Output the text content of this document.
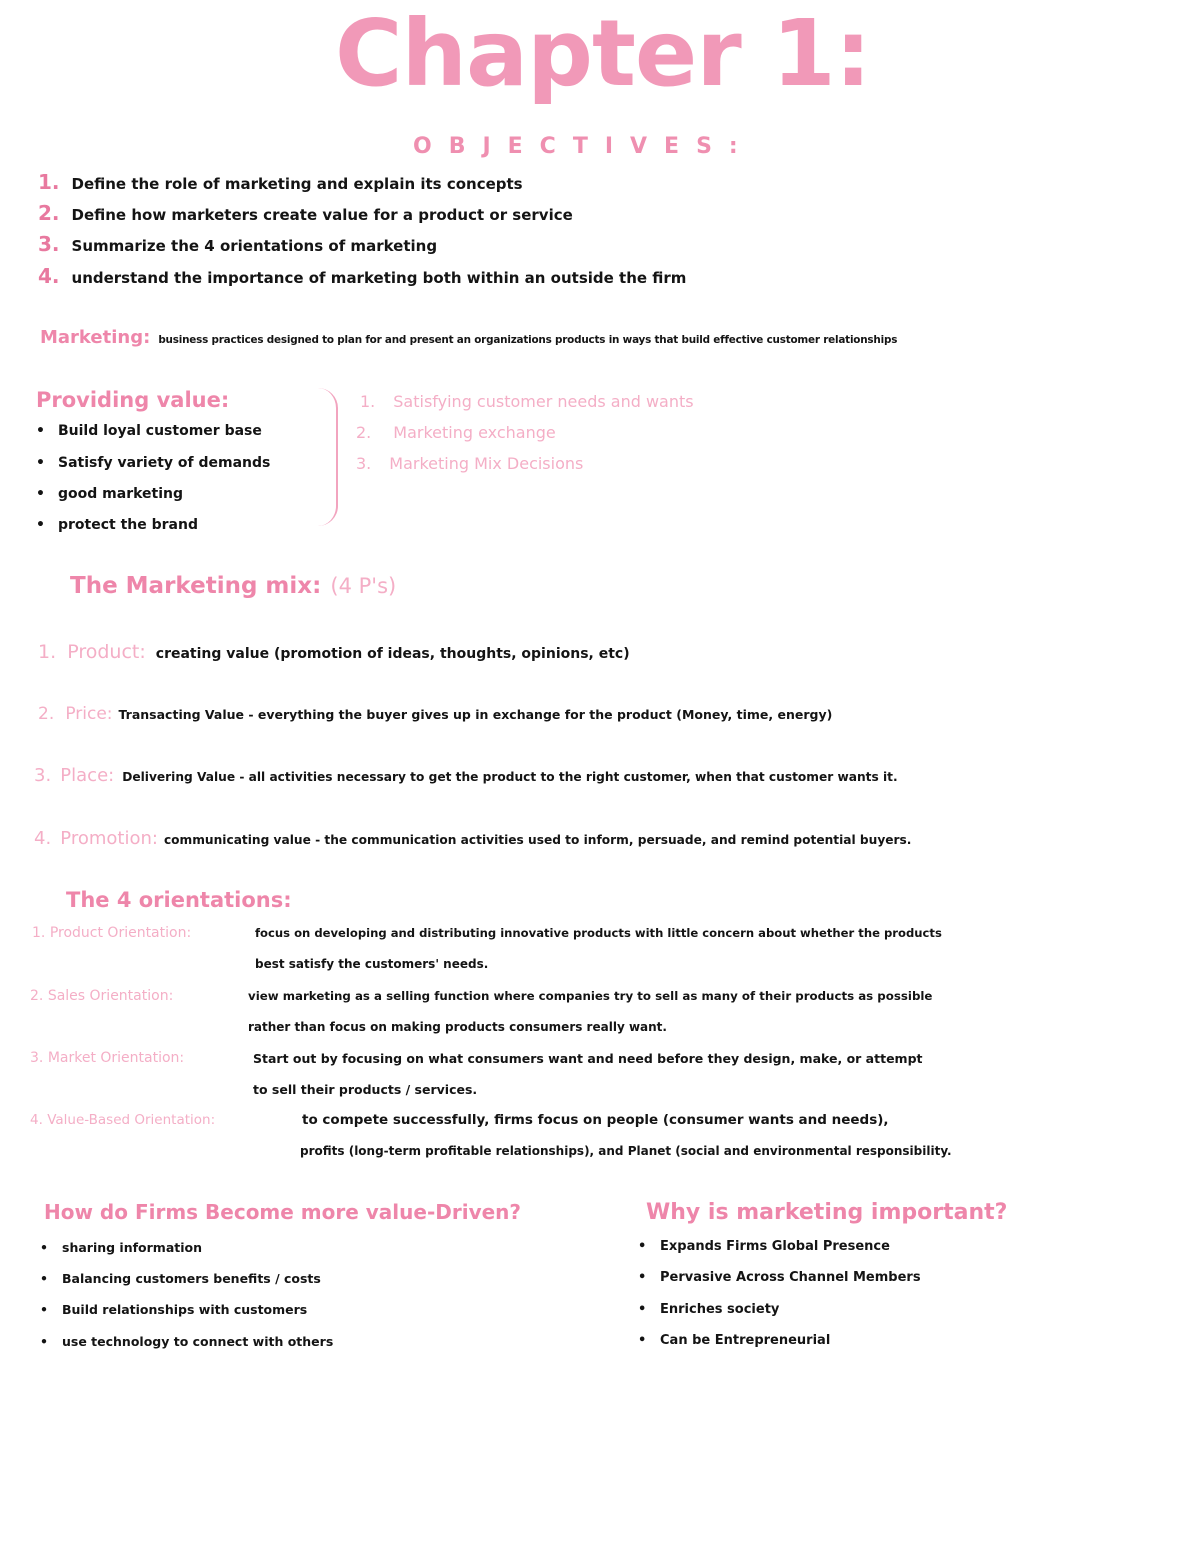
Chapter 1:
OBJECTIVES:
1. Define the role of marketing and explain its concepts
2. Define how marketers create value for a product or service
3. Summarize the 4 orientations of marketing
4. understand the importance of marketing both within an outside the firm
Marketing: business practices designed to plan for and present an organizations products in ways that build effective customer relationships
Providing value:
• Build loyal customer base
• Satisfy variety of demands
• good marketing
• protect the brand
1. Satisfying customer needs and wants
2. Marketing exchange
3. Marketing Mix Decisions
The Marketing mix: (4 P's)
1. Product: creating value (promotion of ideas, thoughts, opinions, etc)
2. Price: Transacting Value - everything the buyer gives up in exchange for the product (Money, time, energy)
3. Place: Delivering Value - all activities necessary to get the product to the right customer, when that customer wants it.
4. Promotion: communicating value - the communication activities used to inform, persuade, and remind potential buyers.
The 4 orientations:
1. Product Orientation:	focus on developing and distributing innovative products with little concern about whether the products
best satisfy the customers' needs.
2. Sales Orientation:	view marketing as a selling function where companies try to sell as many of their products as possible
rather than focus on making products consumers really want.
3. Market Orientation:	Start out by focusing on what consumers want and need before they design, make, or attempt
to sell their products / services.
4. Value-Based Orientation:	to compete successfully, firms focus on people (consumer wants and needs),
profits (long-term profitable relationships), and Planet (social and environmental responsibility.
How do Firms Become more value-Driven?
• sharing information
• Balancing customers benefits / costs
• Build relationships with customers
• use technology to connect with others
Why is marketing important?
• Expands Firms Global Presence
• Pervasive Across Channel Members
• Enriches society
• Can be Entrepreneurial
